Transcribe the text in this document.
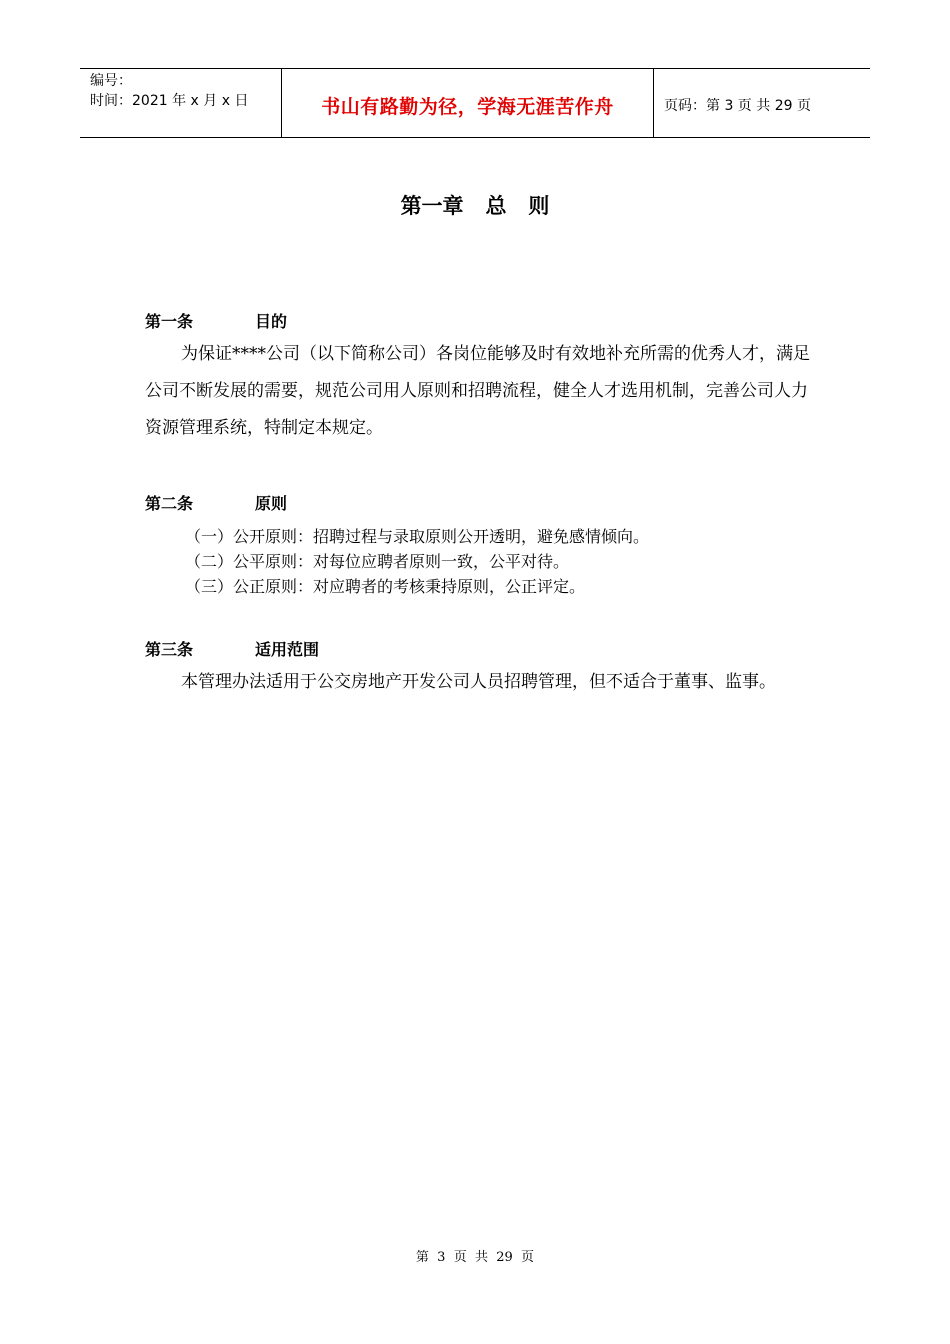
编号：
时间：2021 年 x 月 x 日	书山有路勤为径，学海无涯苦作舟	页码：第 3 页 共 29 页
第一章   总   则
第一条	目的
为保证****公司（以下简称公司）各岗位能够及时有效地补充所需的优秀人才，满足公司不断发展的需要，规范公司用人原则和招聘流程，健全人才选用机制，完善公司人力资源管理系统，特制定本规定。
第二条	原则
（一）公开原则：招聘过程与录取原则公开透明，避免感情倾向。
（二）公平原则：对每位应聘者原则一致，公平对待。
（三）公正原则：对应聘者的考核秉持原则，公正评定。
第三条	适用范围
本管理办法适用于公交房地产开发公司人员招聘管理，但不适合于董事、监事。
第  3  页  共  29  页
